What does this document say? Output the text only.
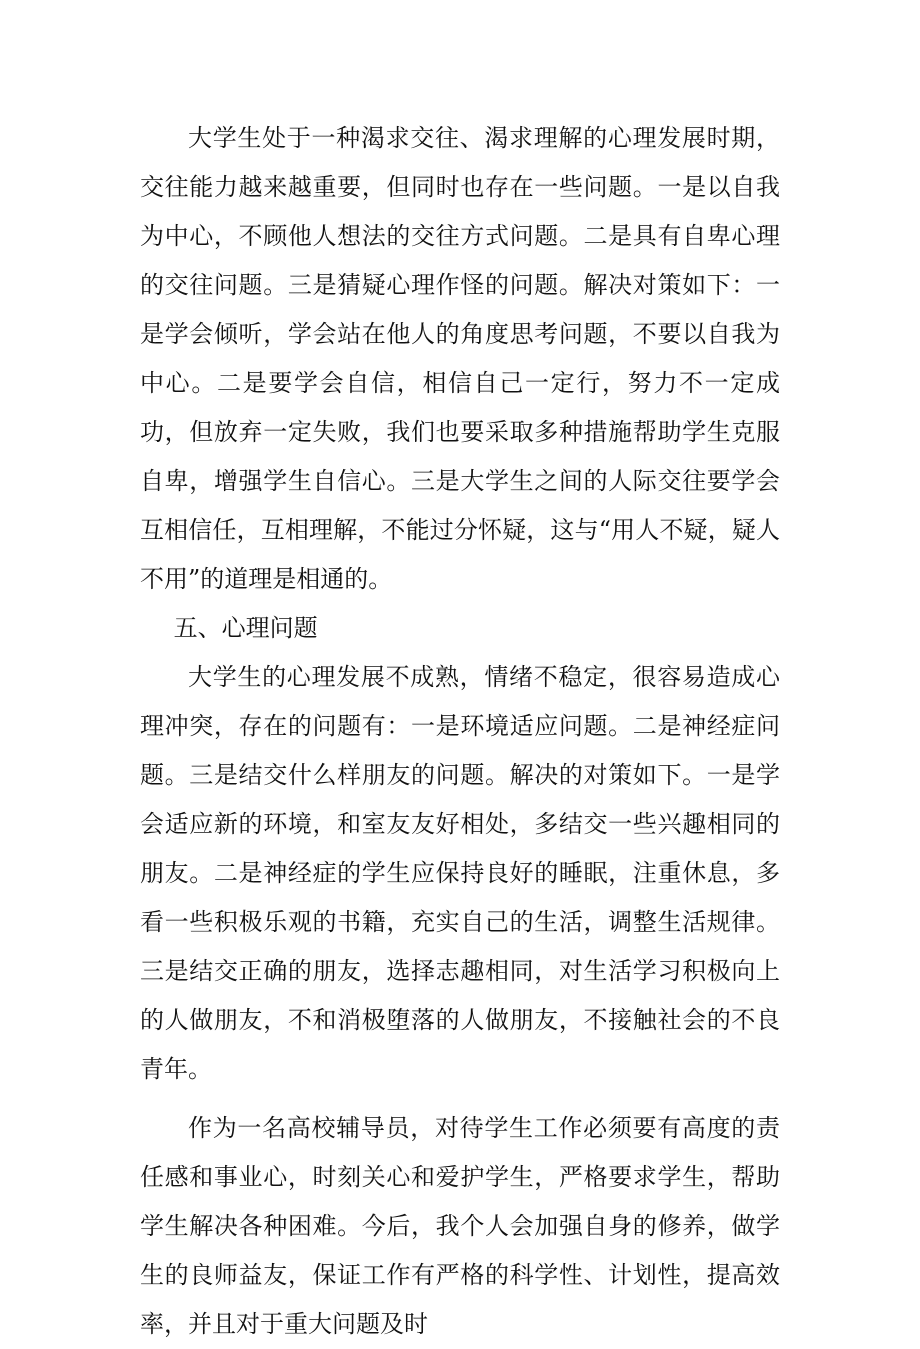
大学生处于一种渴求交往、渴求理解的心理发展时期，交往能力越来越重要，但同时也存在一些问题。一是以自我为中心，不顾他人想法的交往方式问题。二是具有自卑心理的交往问题。三是猜疑心理作怪的问题。解决对策如下：一是学会倾听，学会站在他人的角度思考问题，不要以自我为中心。二是要学会自信，相信自己一定行，努力不一定成功，但放弃一定失败，我们也要采取多种措施帮助学生克服自卑，增强学生自信心。三是大学生之间的人际交往要学会互相信任，互相理解，不能过分怀疑，这与“用人不疑，疑人不用”的道理是相通的。

五、心理问题

大学生的心理发展不成熟，情绪不稳定，很容易造成心理冲突，存在的问题有：一是环境适应问题。二是神经症问题。三是结交什么样朋友的问题。解决的对策如下。一是学会适应新的环境，和室友友好相处，多结交一些兴趣相同的朋友。二是神经症的学生应保持良好的睡眠，注重休息，多看一些积极乐观的书籍，充实自己的生活，调整生活规律。三是结交正确的朋友，选择志趣相同，对生活学习积极向上的人做朋友，不和消极堕落的人做朋友，不接触社会的不良青年。

作为一名高校辅导员，对待学生工作必须要有高度的责任感和事业心，时刻关心和爱护学生，严格要求学生，帮助学生解决各种困难。今后，我个人会加强自身的修养，做学生的良师益友，保证工作有严格的科学性、计划性，提高效率，并且对于重大问题及时
